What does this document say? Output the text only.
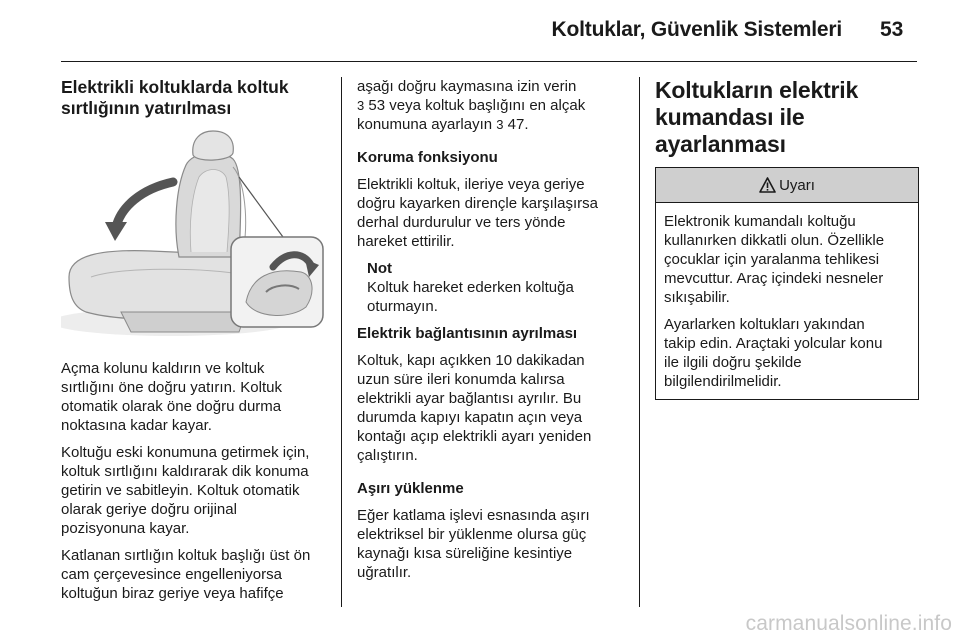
Koltuklar, Güvenlik Sistemleri 53
Elektrikli koltuklarda koltuk
sırtlığının yatırılması

Açma kolunu kaldırın ve koltuk
sırtlığını öne doğru yatırın. Koltuk
otomatik olarak öne doğru durma
noktasına kadar kayar.

Koltuğu eski konumuna getirmek için,
koltuk sırtlığını kaldırarak dik konuma
getirin ve sabitleyin. Koltuk otomatik
olarak geriye doğru orijinal
pozisyonuna kayar.

Katlanan sırtlığın koltuk başlığı üst ön
cam çerçevesince engelleniyorsa
koltuğun biraz geriye veya hafifçe

aşağı doğru kaymasına izin verin
3 53 veya koltuk başlığını en alçak
konumuna ayarlayın 3 47.

Koruma fonksiyonu

Elektrikli koltuk, ileriye veya geriye
doğru kayarken dirençle karşılaşırsa
derhal durdurulur ve ters yönde
hareket ettirilir.

Not
Koltuk hareket ederken koltuğa
oturmayın.

Elektrik bağlantısının ayrılması

Koltuk, kapı açıkken 10 dakikadan
uzun süre ileri konumda kalırsa
elektrikli ayar bağlantısı ayrılır. Bu
durumda kapıyı kapatın açın veya
kontağı açıp elektrikli ayarı yeniden
çalıştırın.

Aşırı yüklenme

Eğer katlama işlevi esnasında aşırı
elektriksel bir yüklenme olursa güç
kaynağı kısa süreliğine kesintiye
uğratılır.

Koltukların elektrik
kumandası ile ayarlanması
Uyarı

Elektronik kumandalı koltuğu
kullanırken dikkatli olun. Özellikle
çocuklar için yaralanma tehlikesi
mevcuttur. Araç içindeki nesneler
sıkışabilir.

Ayarlarken koltukları yakından
takip edin. Araçtaki yolcular konu
ile ilgili doğru şekilde
bilgilendirilmelidir.

carmanualsonline.info
